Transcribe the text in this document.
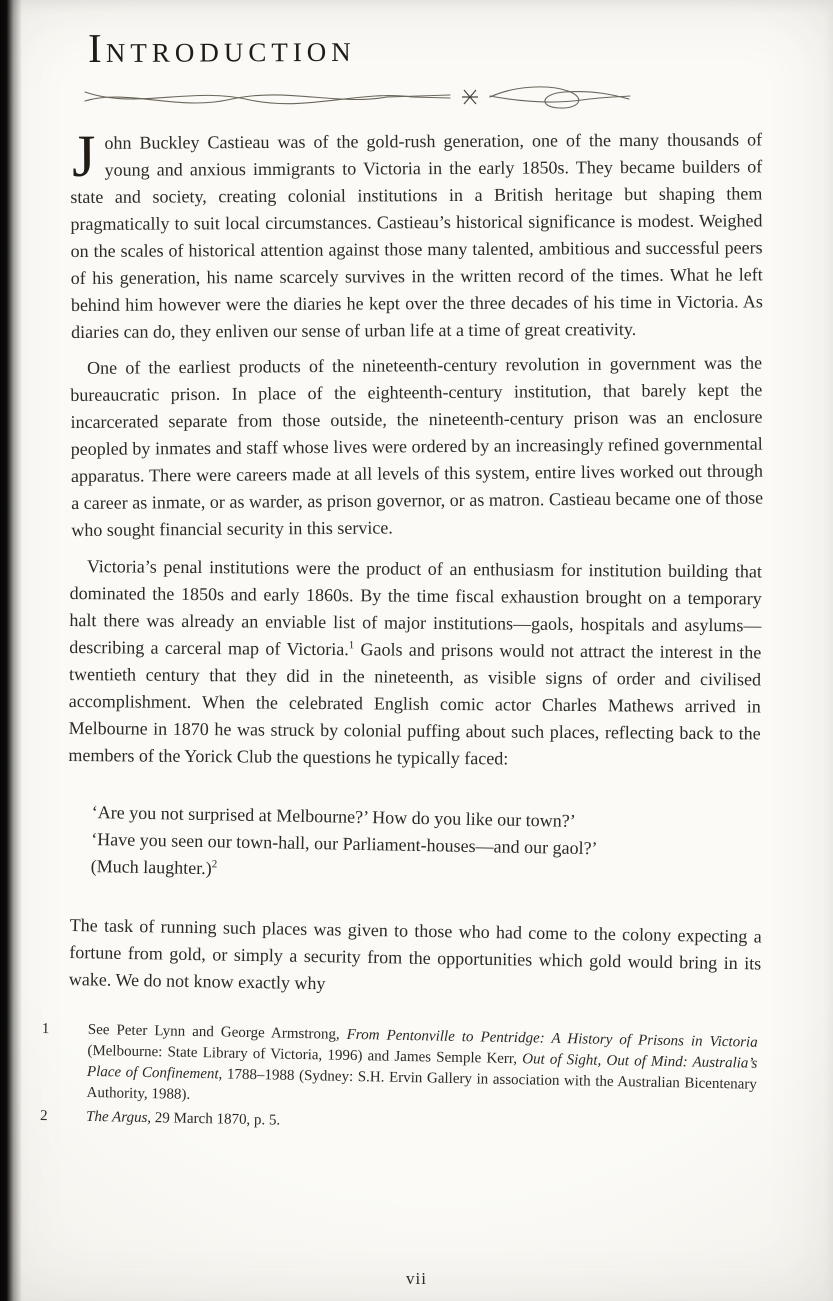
INTRODUCTION

John Buckley Castieau was of the gold-rush generation, one of the many thousands of young and anxious immigrants to Victoria in the early 1850s. They became builders of state and society, creating colonial institutions in a British heritage but shaping them pragmatically to suit local circumstances. Castieau’s historical significance is modest. Weighed on the scales of historical attention against those many talented, ambitious and successful peers of his generation, his name scarcely survives in the written record of the times. What he left behind him however were the diaries he kept over the three decades of his time in Victoria. As diaries can do, they enliven our sense of urban life at a time of great creativity.

One of the earliest products of the nineteenth-century revolution in government was the bureaucratic prison. In place of the eighteenth-century institution, that barely kept the incarcerated separate from those outside, the nineteenth-century prison was an enclosure peopled by inmates and staff whose lives were ordered by an increasingly refined governmental apparatus. There were careers made at all levels of this system, entire lives worked out through a career as inmate, or as warder, as prison governor, or as matron. Castieau became one of those who sought financial security in this service.

Victoria’s penal institutions were the product of an enthusiasm for institution building that dominated the 1850s and early 1860s. By the time fiscal exhaustion brought on a temporary halt there was already an enviable list of major institutions—gaols, hospitals and asylums—describing a carceral map of Victoria.$^1$ Gaols and prisons would not attract the interest in the twentieth century that they did in the nineteenth, as visible signs of order and civilised accomplishment. When the celebrated English comic actor Charles Mathews arrived in Melbourne in 1870 he was struck by colonial puffing about such places, reflecting back to the members of the Yorick Club the questions he typically faced:

‘Are you not surprised at Melbourne?’ How do you like our town?’
‘Have you seen our town-hall, our Parliament-houses—and our gaol?’
(Much laughter.)$^2$

The task of running such places was given to those who had come to the colony expecting a fortune from gold, or simply a security from the opportunities which gold would bring in its wake. We do not know exactly why

1	See Peter Lynn and George Armstrong, From Pentonville to Pentridge: A History of Prisons in Victoria (Melbourne: State Library of Victoria, 1996) and James Semple Kerr, Out of Sight, Out of Mind: Australia’s Place of Confinement, 1788–1988 (Sydney: S.H. Ervin Gallery in association with the Australian Bicentenary Authority, 1988).
2	The Argus, 29 March 1870, p. 5.
vii
